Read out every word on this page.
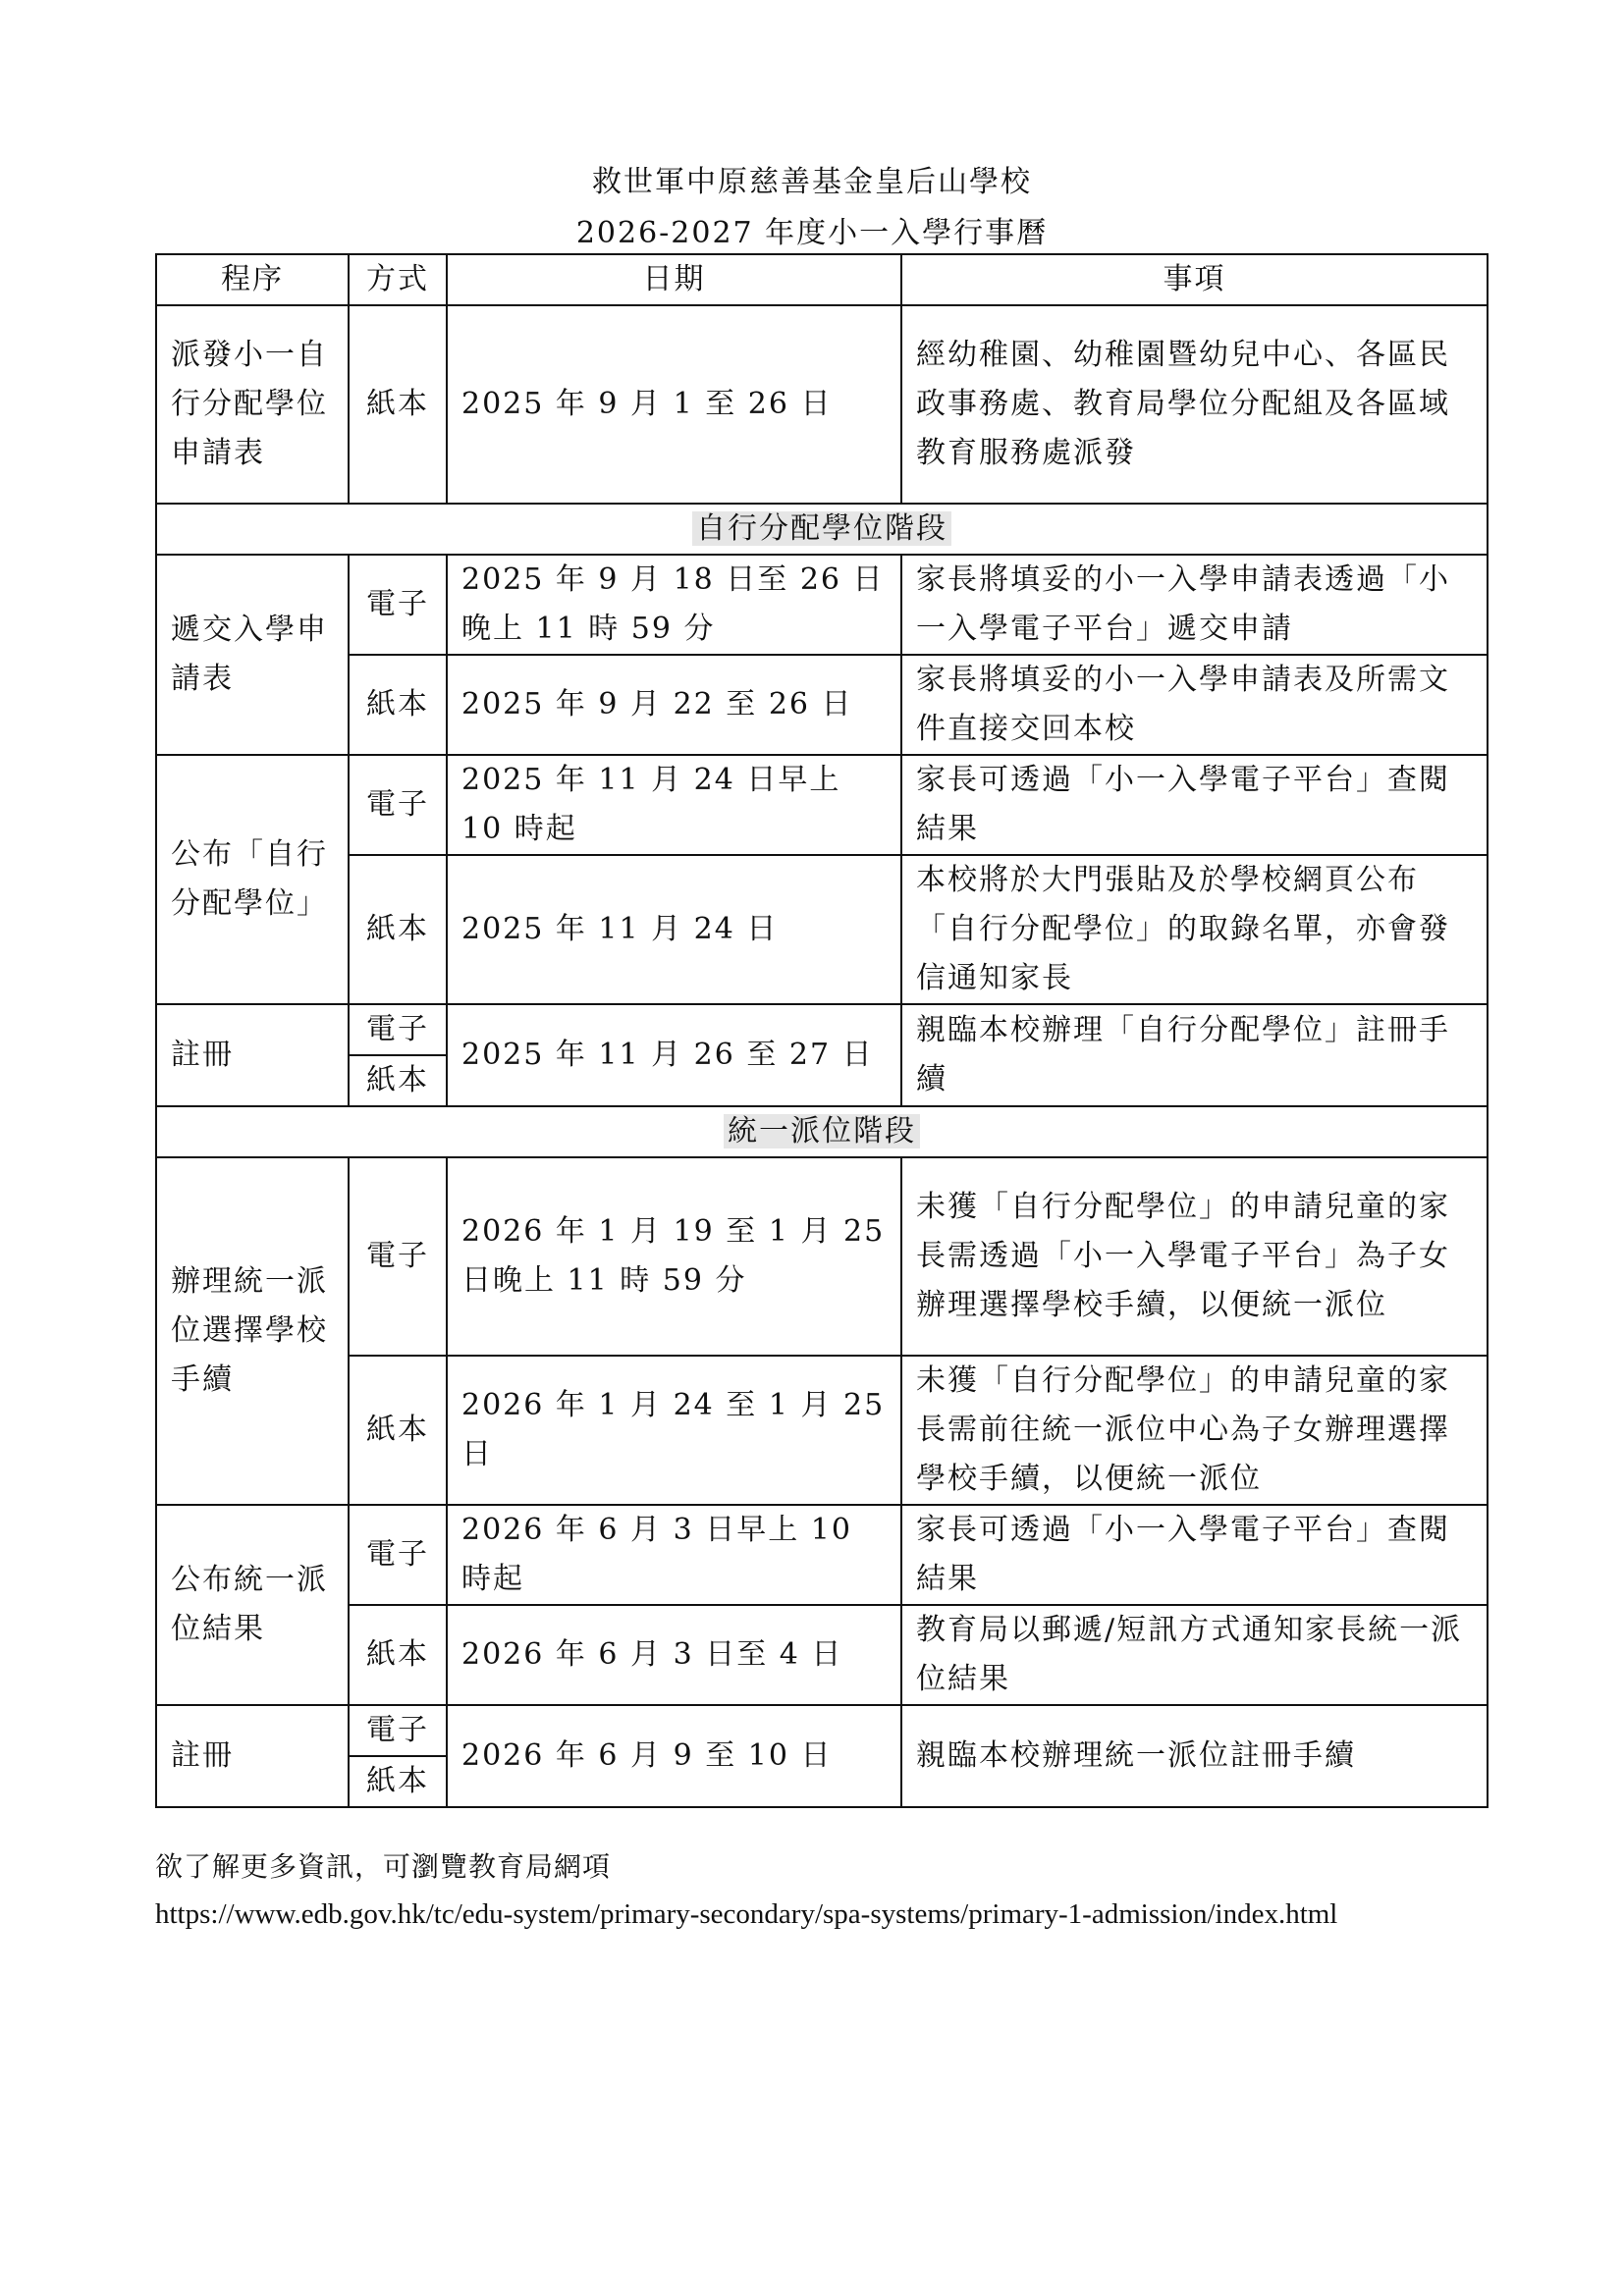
救世軍中原慈善基金皇后山學校
2026-2027 年度小一入學行事曆
程序	方式	日期	事項
派發小一自行分配學位申請表	紙本	2025 年 9 月 1 至 26 日	經幼稚園、幼稚園暨幼兒中心、各區民政事務處、教育局學位分配組及各區域教育服務處派發
自行分配學位階段			
遞交入學申請表	電子	2025 年 9 月 18 日至 26 日晚上 11 時 59 分	家長將填妥的小一入學申請表透過「小一入學電子平台」遞交申請
	紙本	2025 年 9 月 22 至 26 日	家長將填妥的小一入學申請表及所需文件直接交回本校
公布「自行分配學位」	電子	2025 年 11 月 24 日早上 10 時起	家長可透過「小一入學電子平台」查閱結果
	紙本	2025 年 11 月 24 日	本校將於大門張貼及於學校網頁公布「自行分配學位」的取錄名單，亦會發信通知家長
註冊	電子	2025 年 11 月 26 至 27 日	親臨本校辦理「自行分配學位」註冊手續
	紙本		
統一派位階段			
辦理統一派位選擇學校手續	電子	2026 年 1 月 19 至 1 月 25 日晚上 11 時 59 分	未獲「自行分配學位」的申請兒童的家長需透過「小一入學電子平台」為子女辦理選擇學校手續，以便統一派位
	紙本	2026 年 1 月 24 至 1 月 25 日	未獲「自行分配學位」的申請兒童的家長需前往統一派位中心為子女辦理選擇學校手續，以便統一派位
公布統一派位結果	電子	2026 年 6 月 3 日早上 10 時起	家長可透過「小一入學電子平台」查閱結果
	紙本	2026 年 6 月 3 日至 4 日	教育局以郵遞/短訊方式通知家長統一派位結果
註冊	電子	2026 年 6 月 9 至 10 日	親臨本校辦理統一派位註冊手續
	紙本		
欲了解更多資訊，可瀏覽教育局網項
https://www.edb.gov.hk/tc/edu-system/primary-secondary/spa-systems/primary-1-admission/index.html
